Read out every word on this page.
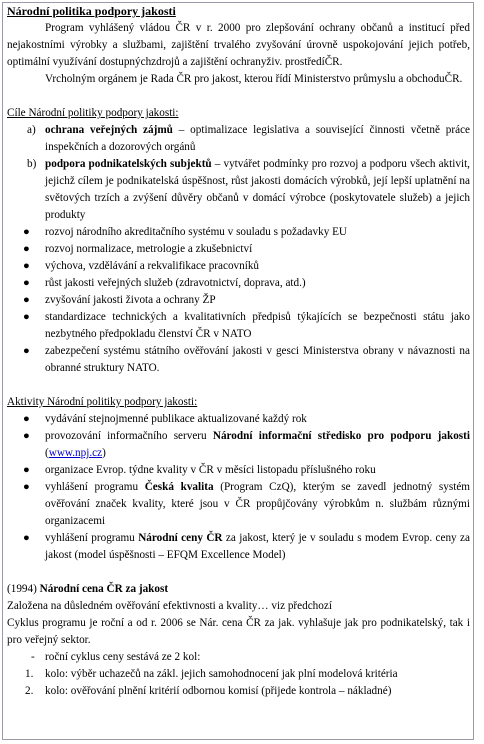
Národní politika podpory jakosti

Program vyhlášený vládou ČR v r. 2000 pro zlepšování ochrany občanů a institucí před nejakostními výrobky a službami, zajištění trvalého zvyšování úrovně uspokojování jejich potřeb, optimální využívání dostupnýchzdrojů a zajištění ochranyživ. prostředíČR.

Vrcholným orgánem je Rada ČR pro jakost, kterou řídí Ministerstvo průmyslu a obchoduČR.

Cíle Národní politiky podpory jakosti:
a) ochrana veřejných zájmů – optimalizace legislativa a související činnosti včetně práce inspekčních a dozorových orgánů
b) podpora podnikatelských subjektů – vytvářet podmínky pro rozvoj a podporu všech aktivit, jejichž cílem je podnikatelská úspěšnost, růst jakosti domácích výrobků, její lepší uplatnění na světových trzích a zvýšení důvěry občanů v domácí výrobce (poskytovatele služeb) a jejich produkty
●	rozvoj národního akreditačního systému v souladu s požadavky EU
●	rozvoj normalizace, metrologie a zkušebnictví
●	výchova, vzdělávání a rekvalifikace pracovníků
●	růst jakosti veřejných služeb (zdravotnictví, doprava, atd.)
●	zvyšování jakosti života a ochrany ŽP
●	standardizace technických a kvalitativních předpisů týkajících se bezpečnosti státu jako nezbytného předpokladu členství ČR v NATO
●	zabezpečení systému státního ověřování jakosti v gesci Ministerstva obrany v návaznosti na obranné struktury NATO.
Aktivity Národní politiky podpory jakosti:
●	vydávání stejnojmenné publikace aktualizované každý rok
●	provozování informačního serveru Národní informační středisko pro podporu jakosti (www.npj.cz)
●	organizace Evrop. týdne kvality v ČR v měsíci listopadu příslušného roku
●	vyhlášení programu Česká kvalita (Program CzQ), kterým se zavedl jednotný systém ověřování značek kvality, které jsou v ČR propůjčovány výrobkům n. službám různými organizacemi
●	vyhlášení programu Národní ceny ČR za jakost, který je v souladu s modem Evrop. ceny za jakost (model úspěšnosti – EFQM Excellence Model)
(1994) Národní cena ČR za jakost

Založena na důsledném ověřování efektivnosti a kvality… viz předchozí

Cyklus programu je roční a od r. 2006 se Nár. cena ČR za jak. vyhlašuje jak pro podnikatelský, tak i pro veřejný sektor.

- roční cyklus ceny sestává ze 2 kol:
1.	kolo: výběr uchazečů na zákl. jejich samohodnocení jak plní modelová kritéria
2.	kolo: ověřování plnění kritérií odbornou komisí (přijede kontrola – nákladné)
